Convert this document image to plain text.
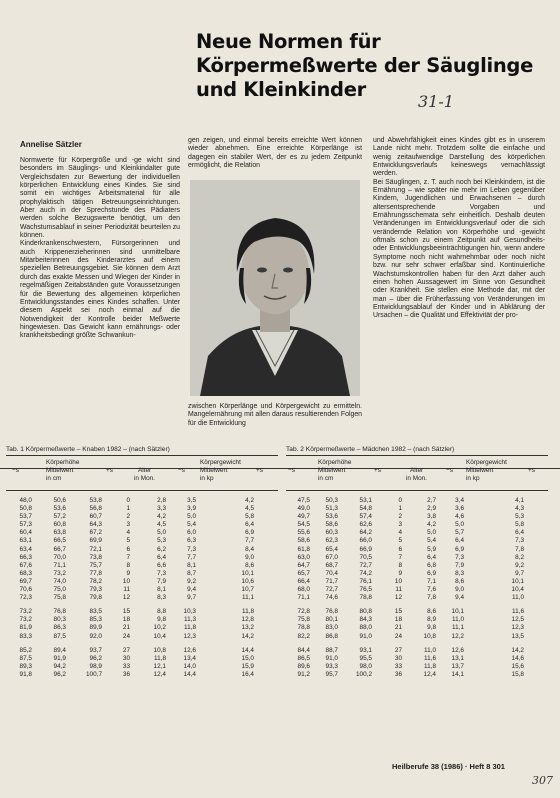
Neue Normen für
Körpermeßwerte der Säuglinge
und Kleinkinder
31-1
Annelise Sätzler

Normwerte für Körpergröße und -ge wicht sind besonders im Säuglings- und Kleinkindalter gute Vergleichsdaten zur Bewertung der individuellen körperlichen Entwicklung eines Kindes. Sie sind somit ein wichtiges Arbeitsmaterial für alle prophylaktisch tätigen Betreuungseinrichtungen. Aber auch in der Sprechstunde des Pädiaters werden solche Bezugswerte benötigt, um den Wachstumsablauf in seiner Periodizität beurteilen zu können.

Kinderkrankenschwestern, Fürsorgerinnen und auch Krippenerzieherinnen sind unmittelbare Mitarbeiterinnen des Kinderarztes auf einem speziellen Betreuungsgebiet. Sie können dem Arzt durch das exakte Messen und Wiegen der Kinder in regelmäßigen Zeitabständen gute Voraussetzungen für die Bewertung des allgemeinen körperlichen Entwicklungsstandes eines Kindes schaffen. Unter diesem Aspekt sei noch einmal auf die Notwendigkeit der Kontrolle beider Meßwerte hingewiesen. Das Gewicht kann ernährungs- oder krankheitsbedingt größte Schwankun-

gen zeigen, und einmal bereits erreichte Wert können wieder abnehmen. Eine erreichte Körperlänge ist dagegen ein stabiler Wert, der es zu jedem Zeitpunkt ermöglicht, die Relation

zwischen Körperlänge und Körpergewicht zu ermitteln. Mangelernährung mit allen daraus resultierenden Folgen für die Entwicklung

und Abwehrfähigkeit eines Kindes gibt es in unserem Lande nicht mehr. Trotzdem sollte die einfache und wenig zeitaufwendige Darstellung des körperlichen Entwicklungsverlaufs keineswegs vernachlässigt werden.

Bei Säuglingen, z. T. auch noch bei Kleinkindern, ist die Ernährung – wie später nie mehr im Leben gegenüber Kindern, Jugendlichen und Erwachsenen – durch altersentsprechende Vorgaben und Ernährungsschemata sehr einheitlich. Deshalb deuten Veränderungen im Entwicklungsverlauf oder die sich verändernde Relation von Körperhöhe und -gewicht oftmals schon zu einem Zeitpunkt auf Gesundheits- oder Entwicklungsbeeinträchtigungen hin, wenn andere Symptome noch nicht wahrnehmbar oder noch nicht bzw. nur sehr schwer erfaßbar sind. Kontinuierliche Wachstumskontrollen haben für den Arzt daher auch einen hohen Aussagewert im Sinne von Gesundheit oder Krankheit. Sie stellen eine Methode dar, mit der man – über die Früherfassung von Veränderungen im Entwicklungsablauf der Kinder und in Abklärung der Ursachen – die Qualität und Effektivität der pro-

Tab. 1 Körpermeßwerte – Knaben 1982 – (nach Sätzler)
Körperhöhe
Mittelwert
in cm
−s	+s	Alter
in Mon.
−s
Körpergewicht
Mittelwert
in kp
+s
48,0	50,6	53,8	0	2,8	3,5	4,2
50,8	53,6	56,8	1	3,3	3,9	4,5
53,7	57,2	60,7	2	4,2	5,0	5,8
57,3	60,8	64,3	3	4,5	5,4	6,4
60,4	63,8	67,2	4	5,0	6,0	6,9
63,1	66,5	69,9	5	5,3	6,3	7,7
63,4	66,7	72,1	6	6,2	7,3	8,4
66,3	70,0	73,8	7	6,4	7,7	9,0
67,6	71,1	75,7	8	6,6	8,1	8,6
68,3	73,2	77,8	9	7,3	8,7	10,1
69,7	74,0	78,2	10	7,9	9,2	10,6
70,6	75,0	79,3	11	8,1	9,4	10,7
72,3	75,8	79,8	12	8,3	9,7	11,1
73,2	76,8	83,5	15	8,8	10,3	11,8
73,2	80,3	85,3	18	9,8	11,3	12,8
81,9	86,3	89,9	21	10,2	11,8	13,2
83,3	87,5	92,0	24	10,4	12,3	14,2
85,2	89,4	93,7	27	10,8	12,6	14,4
87,5	91,9	96,2	30	11,8	13,4	15,0
89,3	94,2	98,9	33	12,1	14,0	15,9
91,8	96,2	100,7	36	12,4	14,4	16,4
Tab. 2 Körpermeßwerte – Mädchen 1982 – (nach Sätzler)
Körperhöhe
Mittelwert
in cm
−s	+s	Alter
in Mon.
−s
Körpergewicht
Mittelwert
in kp
+s
47,5	50,3	53,1	0	2,7	3,4	4,1
49,0	51,3	54,8	1	2,9	3,6	4,3
49,7	53,6	57,4	2	3,8	4,6	5,3
54,5	58,6	62,6	3	4,2	5,0	5,8
55,6	60,3	64,2	4	5,0	5,7	6,4
58,6	62,3	66,0	5	5,4	6,4	7,3
61,8	65,4	66,9	6	5,9	6,9	7,8
63,0	67,0	70,5	7	6,4	7,3	8,2
64,7	68,7	72,7	8	6,8	7,9	9,2
65,7	70,4	74,2	9	6,9	8,3	9,7
66,4	71,7	76,1	10	7,1	8,6	10,1
68,0	72,7	76,5	11	7,6	9,0	10,4
71,1	74,6	78,8	12	7,8	9,4	11,0
72,8	76,8	80,8	15	8,6	10,1	11,6
75,8	80,1	84,3	18	8,9	11,0	12,5
78,8	83,0	88,0	21	9,8	11,1	12,3
82,2	86,8	91,0	24	10,8	12,2	13,5
84,4	88,7	93,1	27	11,0	12,6	14,2
86,5	91,0	95,5	30	11,6	13,1	14,6
89,6	93,3	98,0	33	11,8	13,7	15,6
91,2	95,7	100,2	36	12,4	14,1	15,8
Heilberufe 38 (1986) · Heft 8 301
307
